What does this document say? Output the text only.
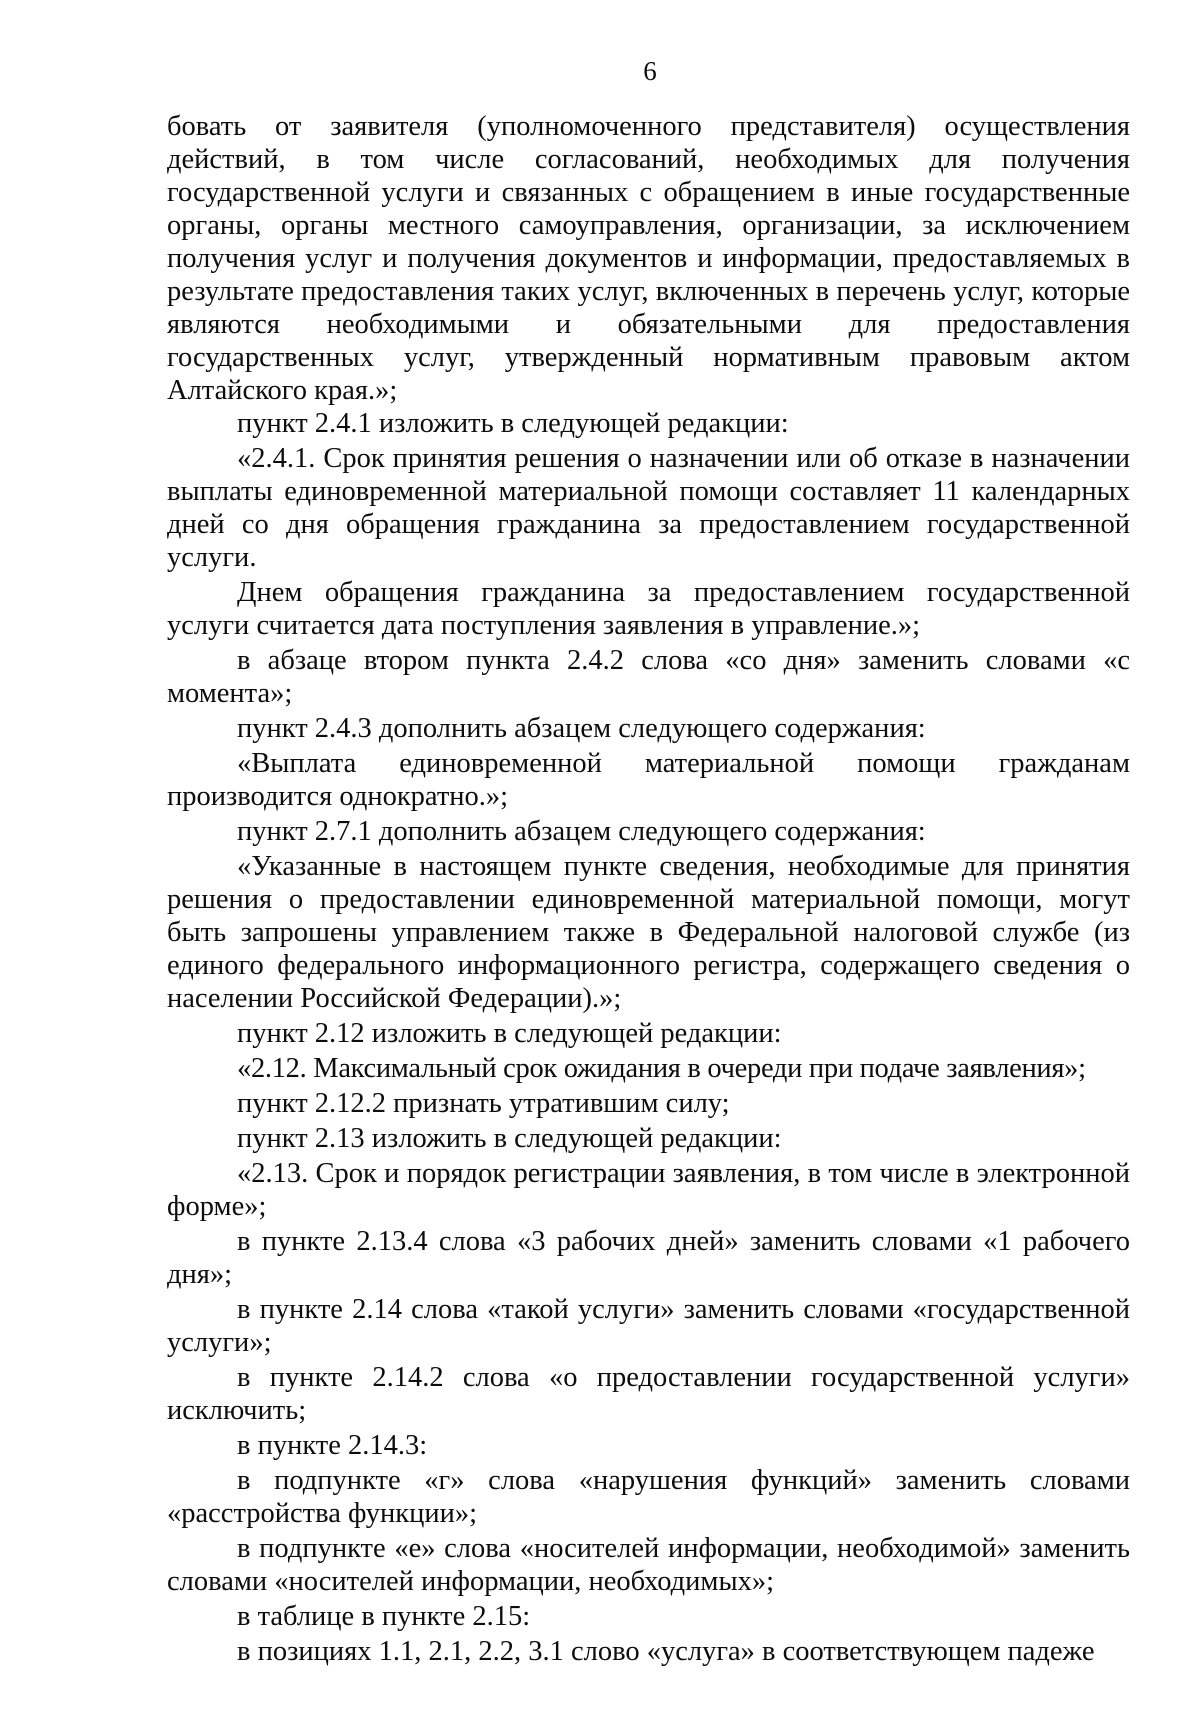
6

бовать от заявителя (уполномоченного представителя) осуществления действий, в том числе согласований, необходимых для получения государственной услуги и связанных с обращением в иные государственные органы, органы местного самоуправления, организации, за исключением получения услуг и получения документов и информации, предоставляемых в результате предоставления таких услуг, включенных в перечень услуг, которые являются необходимыми и обязательными для предоставления государственных услуг, утвержденный нормативным правовым актом Алтайского края.»;

пункт 2.4.1 изложить в следующей редакции:

«2.4.1. Срок принятия решения о назначении или об отказе в назначении выплаты единовременной материальной помощи составляет 11 календарных дней со дня обращения гражданина за предоставлением государственной услуги.

Днем обращения гражданина за предоставлением государственной услуги считается дата поступления заявления в управление.»;

в абзаце втором пункта 2.4.2 слова «со дня» заменить словами «с момента»;

пункт 2.4.3 дополнить абзацем следующего содержания:

«Выплата единовременной материальной помощи гражданам производится однократно.»;

пункт 2.7.1 дополнить абзацем следующего содержания:

«Указанные в настоящем пункте сведения, необходимые для принятия решения о предоставлении единовременной материальной помощи, могут быть запрошены управлением также в Федеральной налоговой службе (из единого федерального информационного регистра, содержащего сведения о населении Российской Федерации).»;

пункт 2.12 изложить в следующей редакции:

«2.12. Максимальный срок ожидания в очереди при подаче заявления»;

пункт 2.12.2 признать утратившим силу;

пункт 2.13 изложить в следующей редакции:

«2.13. Срок и порядок регистрации заявления, в том числе в электронной форме»;

в пункте 2.13.4 слова «3 рабочих дней» заменить словами «1 рабочего дня»;

в пункте 2.14 слова «такой услуги» заменить словами «государственной услуги»;

в пункте 2.14.2 слова «о предоставлении государственной услуги» исключить;

в пункте 2.14.3:

в подпункте «г» слова «нарушения функций» заменить словами «расстройства функции»;

в подпункте «е» слова «носителей информации, необходимой» заменить словами «носителей информации, необходимых»;

в таблице в пункте 2.15:

в позициях 1.1, 2.1, 2.2, 3.1 слово «услуга» в соответствующем падеже
